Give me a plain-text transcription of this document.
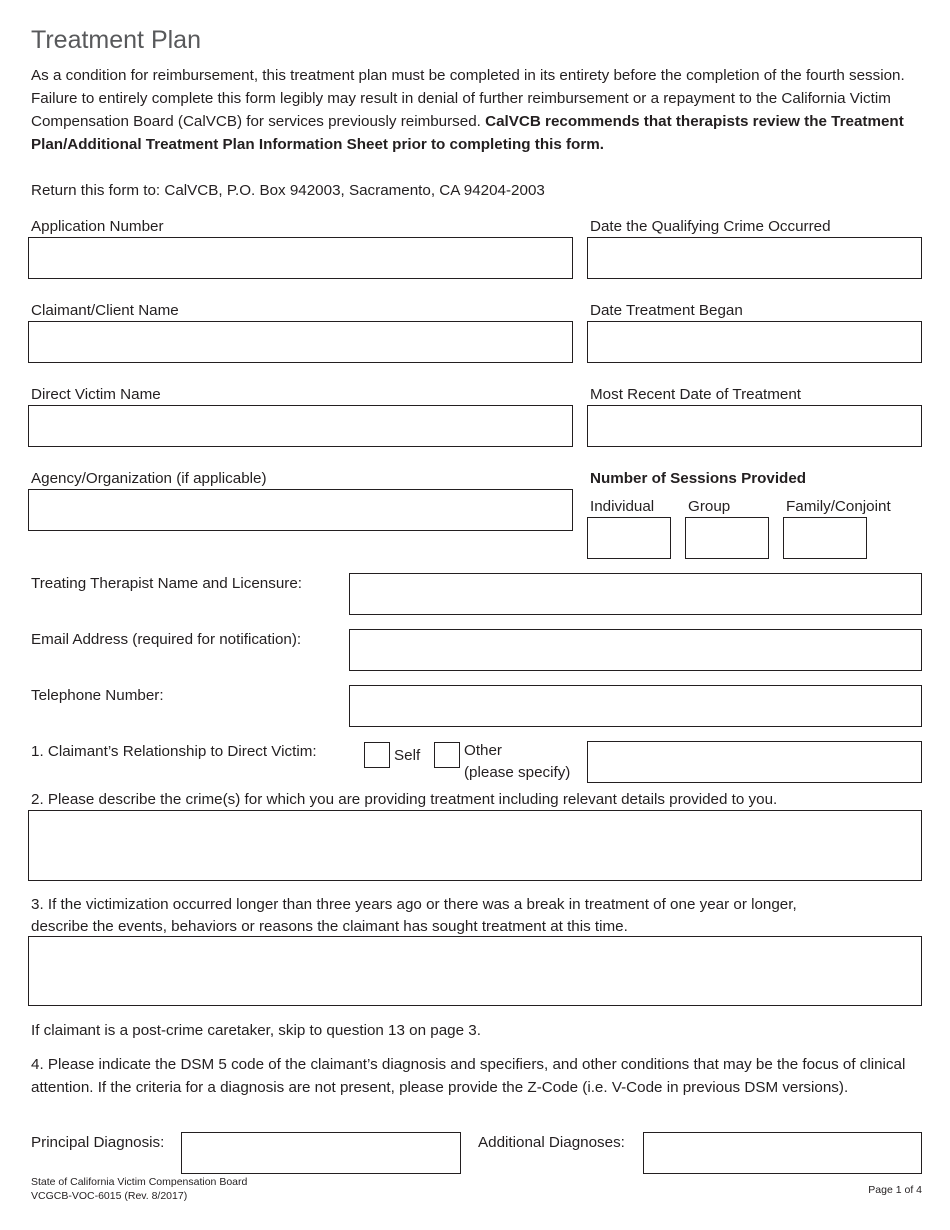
Treatment Plan
As a condition for reimbursement, this treatment plan must be completed in its entirety before the completion of the fourth session. Failure to entirely complete this form legibly may result in denial of further reimbursement or a repayment to the California Victim Compensation Board (CalVCB) for services previously reimbursed. CalVCB recommends that therapists review the Treatment Plan/Additional Treatment Plan Information Sheet prior to completing this form.
Return this form to: CalVCB, P.O. Box 942003, Sacramento, CA 94204-2003
Application Number	Date the Qualifying Crime Occurred
Claimant/Client Name	Date Treatment Began
Direct Victim Name	Most Recent Date of Treatment
Agency/Organization (if applicable)	Number of Sessions Provided
Individual Group	Family/Conjoint
Treating Therapist Name and Licensure:
Email Address (required for notification):
Telephone Number:
1. Claimant’s Relationship to Direct Victim:	Self	Other
(please specify)
2. Please describe the crime(s) for which you are providing treatment including relevant details provided to you.
3. If the victimization occurred longer than three years ago or there was a break in treatment of one year or longer,
describe the events, behaviors or reasons the claimant has sought treatment at this time.
If claimant is a post-crime caretaker, skip to question 13 on page 3.
4. Please indicate the DSM 5 code of the claimant’s diagnosis and specifiers, and other conditions that may be the focus of clinical attention. If the criteria for a diagnosis are not present, please provide the Z-Code (i.e. V-Code in previous DSM versions).
Principal Diagnosis:	Additional Diagnoses:
State of California Victim Compensation Board
VCGCB-VOC-6015 (Rev. 8/2017)	Page 1 of 4
